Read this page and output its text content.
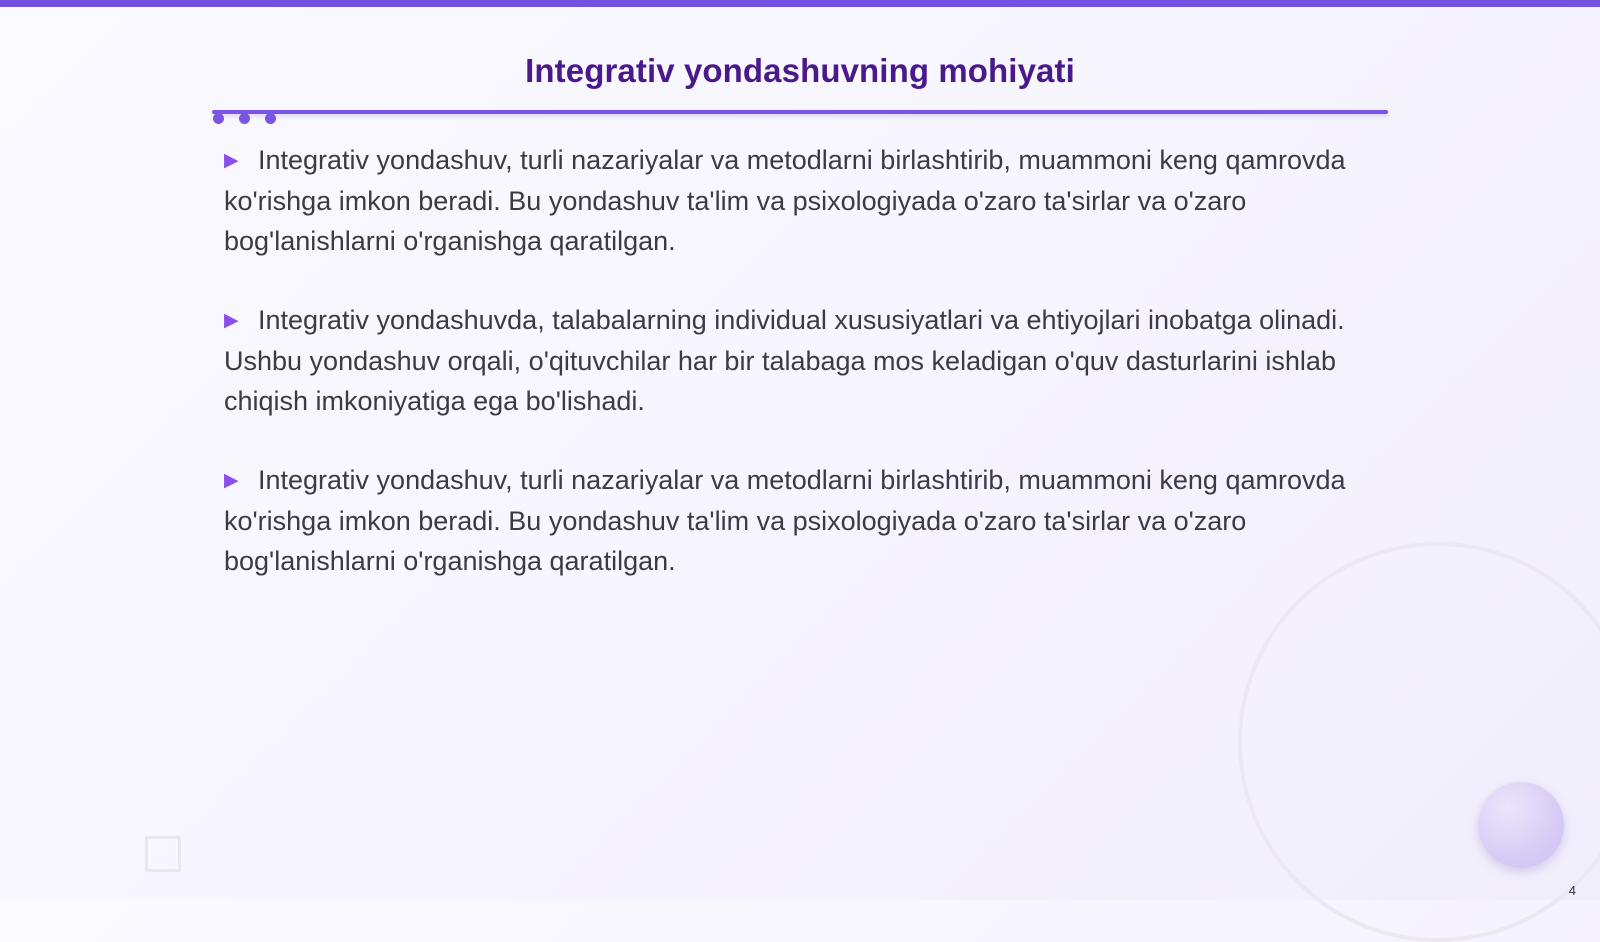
Integrativ yondashuvning mohiyati

▶ Integrativ yondashuv, turli nazariyalar va metodlarni birlashtirib, muammoni keng qamrovda ko'rishga imkon beradi. Bu yondashuv ta'lim va psixologiyada o'zaro ta'sirlar va o'zaro bog'lanishlarni o'rganishga qaratilgan.

▶ Integrativ yondashuvda, talabalarning individual xususiyatlari va ehtiyojlari inobatga olinadi. Ushbu yondashuv orqali, o'qituvchilar har bir talabaga mos keladigan o'quv dasturlarini ishlab chiqish imkoniyatiga ega bo'lishadi.

▶ Integrativ yondashuv, turli nazariyalar va metodlarni birlashtirib, muammoni keng qamrovda ko'rishga imkon beradi. Bu yondashuv ta'lim va psixologiyada o'zaro ta'sirlar va o'zaro bog'lanishlarni o'rganishga qaratilgan.

4
